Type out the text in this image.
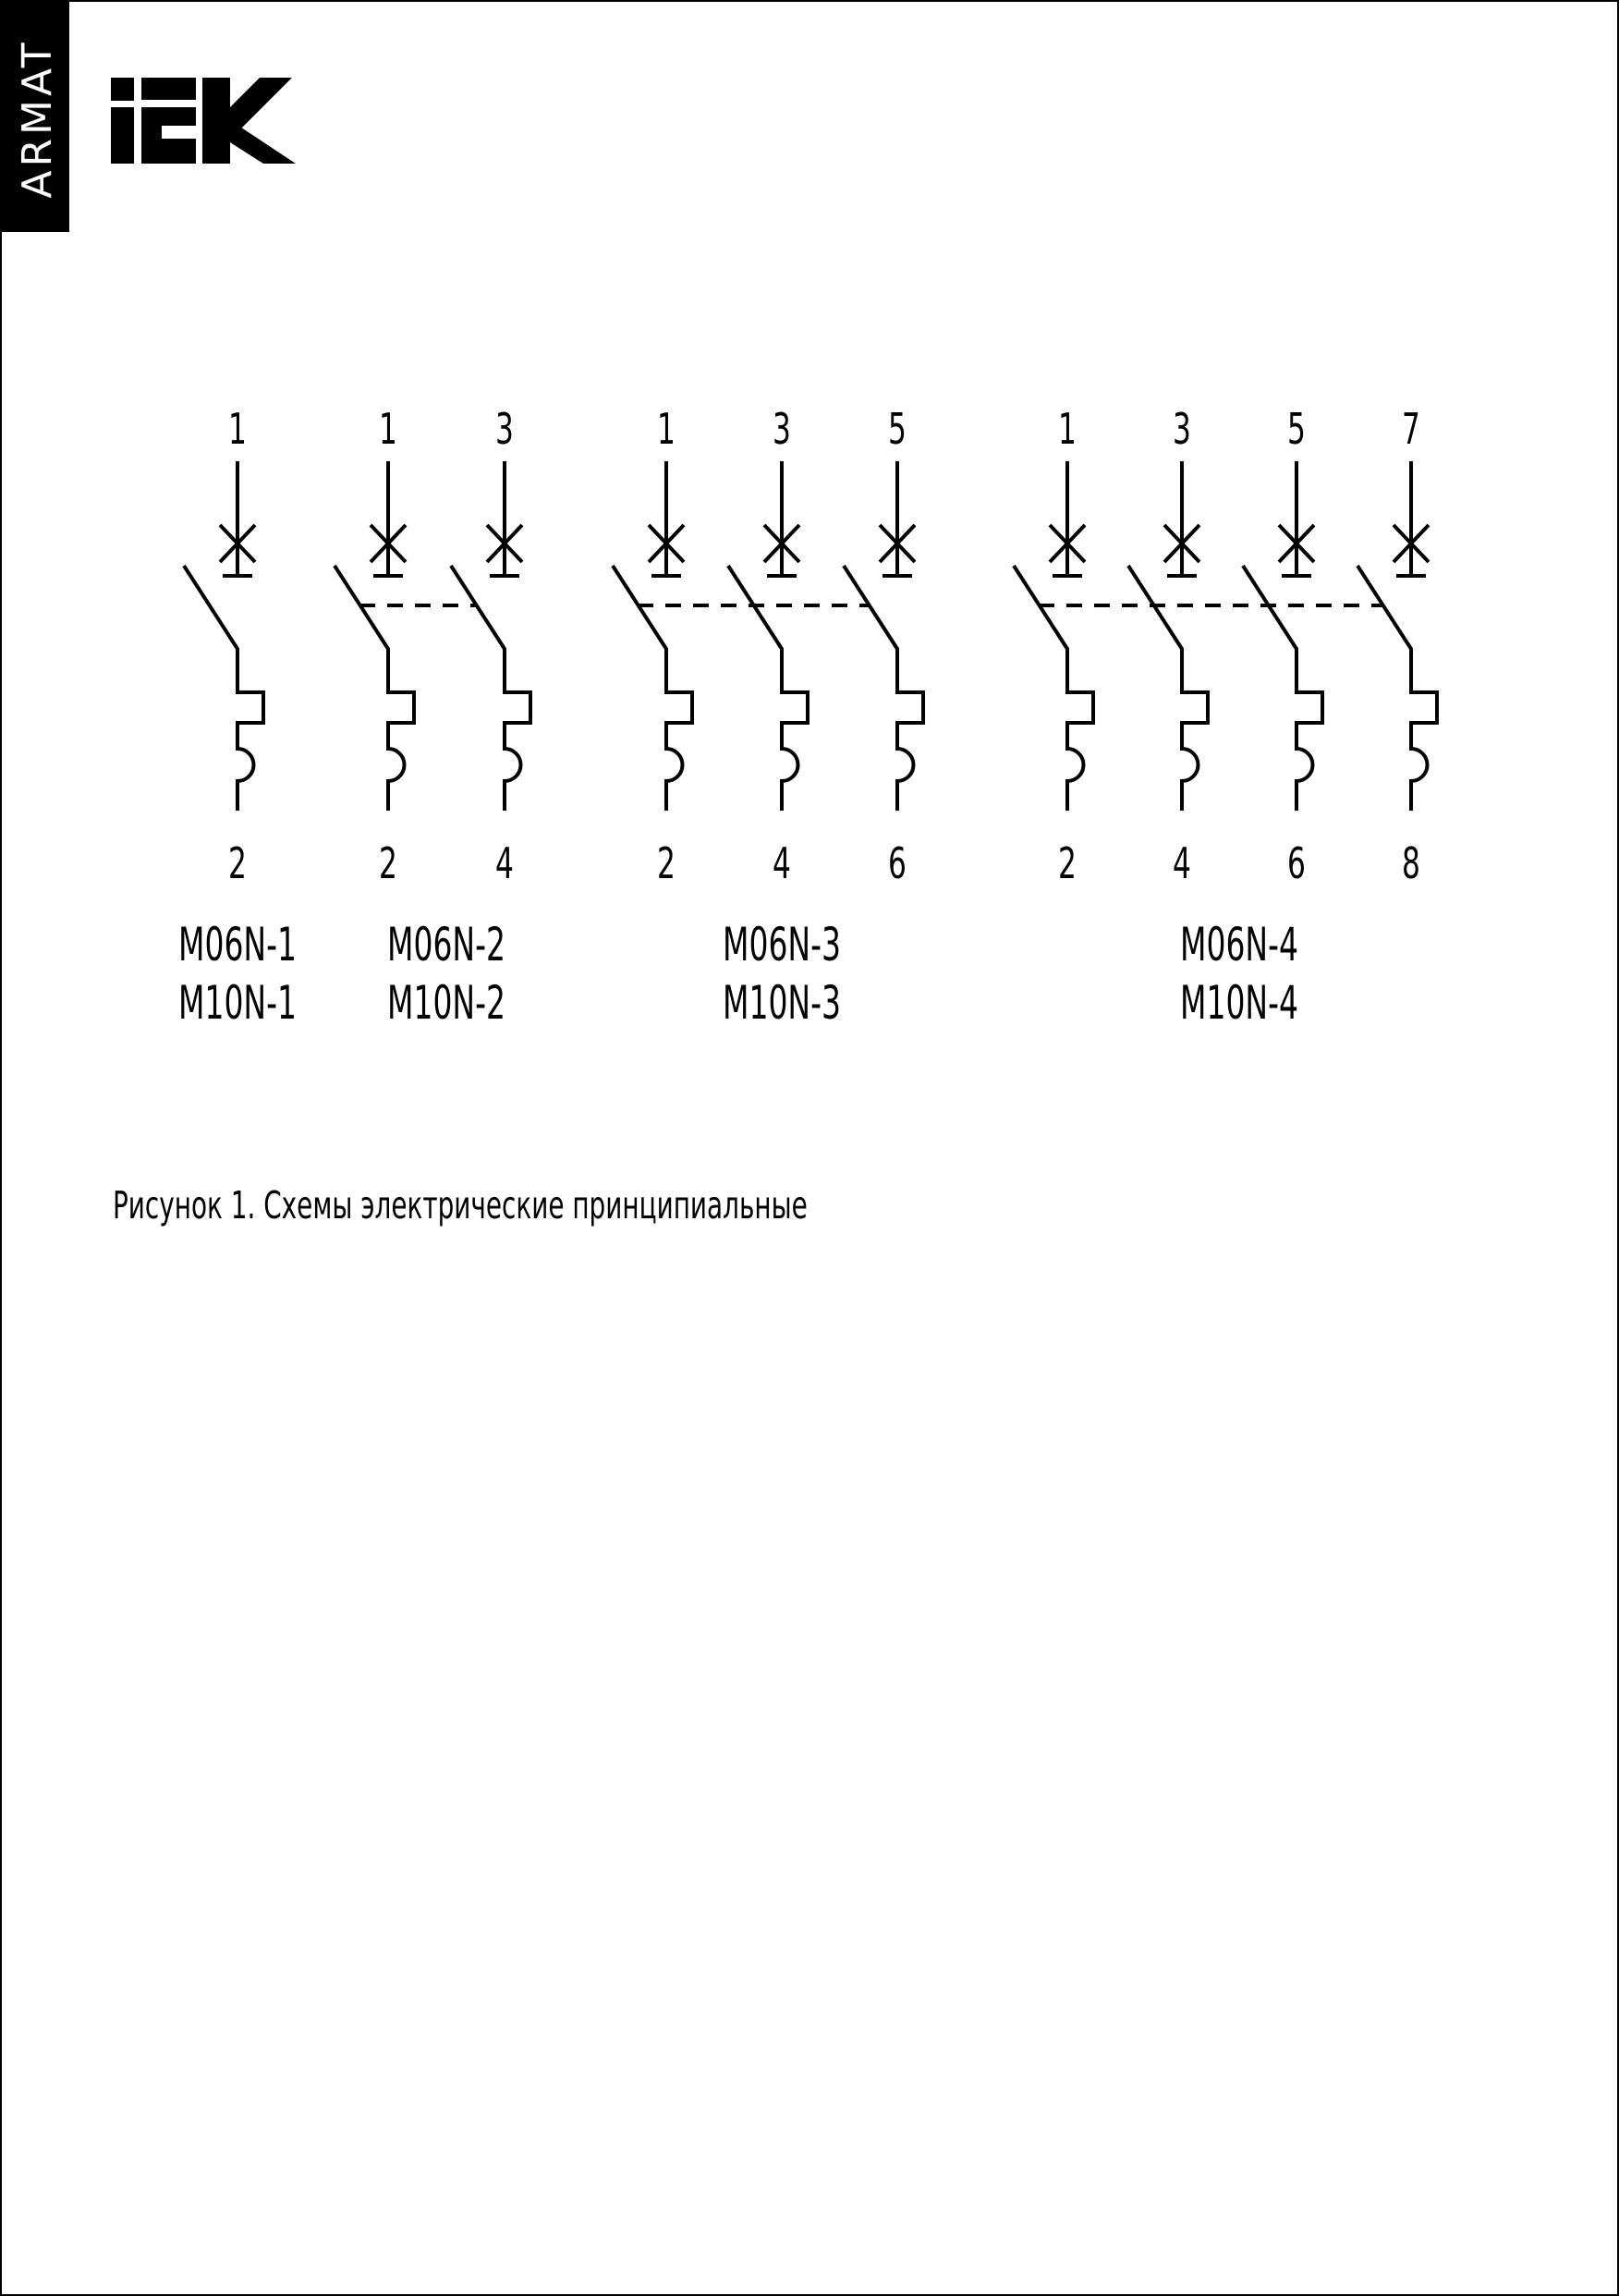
ARMAT
1
2
M06N-1
M10N-1
1
2
3
4
M06N-2
M10N-2
1
2
3
4
5
6
M06N-3
M10N-3
1
2
3
4
5
6
7
8
M06N-4
M10N-4
Рисунок 1. Схемы электрические принципиальные
